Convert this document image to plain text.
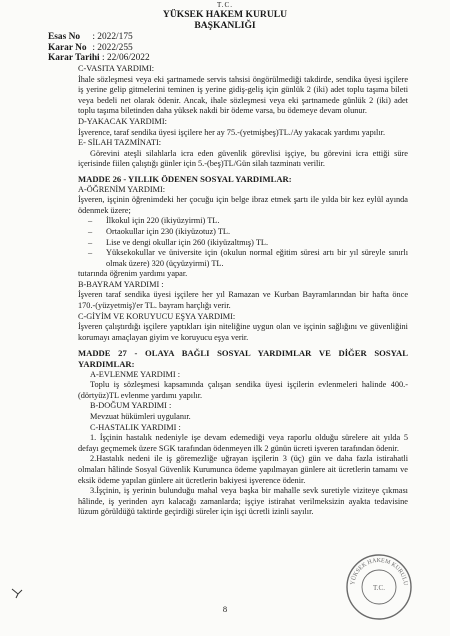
T.C.
YÜKSEK HAKEM KURULU
BAŞKANLIĞI
Esas No : 2022/175
Karar No : 2022/255
Karar Tarihi : 22/06/2022

C-VASITA YARDIMI:

İhale sözleşmesi veya eki şartnamede servis tahsisi öngörülmediği takdirde, sendika üyesi işçilere iş yerine gelip gitmelerini teminen iş yerine gidiş-geliş için günlük 2 (iki) adet toplu taşıma bileti veya bedeli net olarak ödenir. Ancak, ihale sözleşmesi veya eki şartnamede günlük 2 (iki) adet toplu taşıma biletinden daha yüksek nakdi bir ödeme varsa, bu ödemeye devam olunur.

D-YAKACAK YARDIMI:

İşverence, taraf sendika üyesi işçilere her ay 75.-(yetmişbeş)TL./Ay yakacak yardımı yapılır.

E- SİLAH TAZMİNATI:

Görevini ateşli silahlarla icra eden güvenlik görevlisi işçiye, bu görevini icra ettiği süre içerisinde fiilen çalıştığı günler için 5.-(beş)TL/Gün silah tazminatı verilir.

MADDE 26 - YILLIK ÖDENEN SOSYAL YARDIMLAR:

A-ÖĞRENİM YARDIMI:

İşveren, işçinin öğrenimdeki her çocuğu için belge ibraz etmek şartı ile yılda bir kez eylül ayında ödenmek üzere;

– İlkokul için 220 (ikiyüzyirmi) TL.
– Ortaokullar için 230 (ikiyüzotuz) TL.
– Lise ve dengi okullar için 260 (ikiyüzaltmış) TL.
– Yüksekokullar ve üniversite için (okulun normal eğitim süresi artı bir yıl süreyle sınırlı olmak üzere) 320 (üçyüzyirmi) TL.

tutarında öğrenim yardımı yapar.

B-BAYRAM YARDIMI :

İşveren taraf sendika üyesi işçilere her yıl Ramazan ve Kurban Bayramlarından bir hafta önce 170.-(yüzyetmiş)'er TL. bayram harçlığı verir.

C-GİYİM VE KORUYUCU EŞYA YARDIMI:

İşveren çalıştırdığı işçilere yaptıkları işin niteliğine uygun olan ve işçinin sağlığını ve güvenliğini korumayı amaçlayan giyim ve koruyucu eşya verir.

MADDE 27 - OLAYA BAĞLI SOSYAL YARDIMLAR VE DİĞER SOSYAL YARDIMLAR:

A-EVLENME YARDIMI :

Toplu iş sözleşmesi kapsamında çalışan sendika üyesi işçilerin evlenmeleri halinde 400.-(dörtyüz)TL evlenme yardımı yapılır.

B-DOĞUM YARDIMI :

Mevzuat hükümleri uygulanır.

C-HASTALIK YARDIMI :

1. İşçinin hastalık nedeniyle işe devam edemediği veya raporlu olduğu sürelere ait yılda 5 defayı geçmemek üzere SGK tarafından ödenmeyen ilk 2 günün ücreti işveren tarafından ödenir.

2.Hastalık nedeni ile iş göremezliğe uğrayan işçilerin 3 (üç) gün ve daha fazla istirahatli olmaları hâlinde Sosyal Güvenlik Kurumunca ödeme yapılmayan günlere ait ücretlerin tamamı ve eksik ödeme yapılan günlere ait ücretlerin bakiyesi işverence ödenir.

3.İşçinin, iş yerinin bulunduğu mahal veya başka bir mahalle sevk suretiyle viziteye çıkması hâlinde, iş yerinden ayrı kalacağı zamanlarda; işçiye istirahat verilmeksizin ayakta tedavisine lüzum görüldüğü taktirde geçirdiği süreler için işçi ücretli izinli sayılır.

8
YÜKSEK HAKEM KURULU
T.C.
